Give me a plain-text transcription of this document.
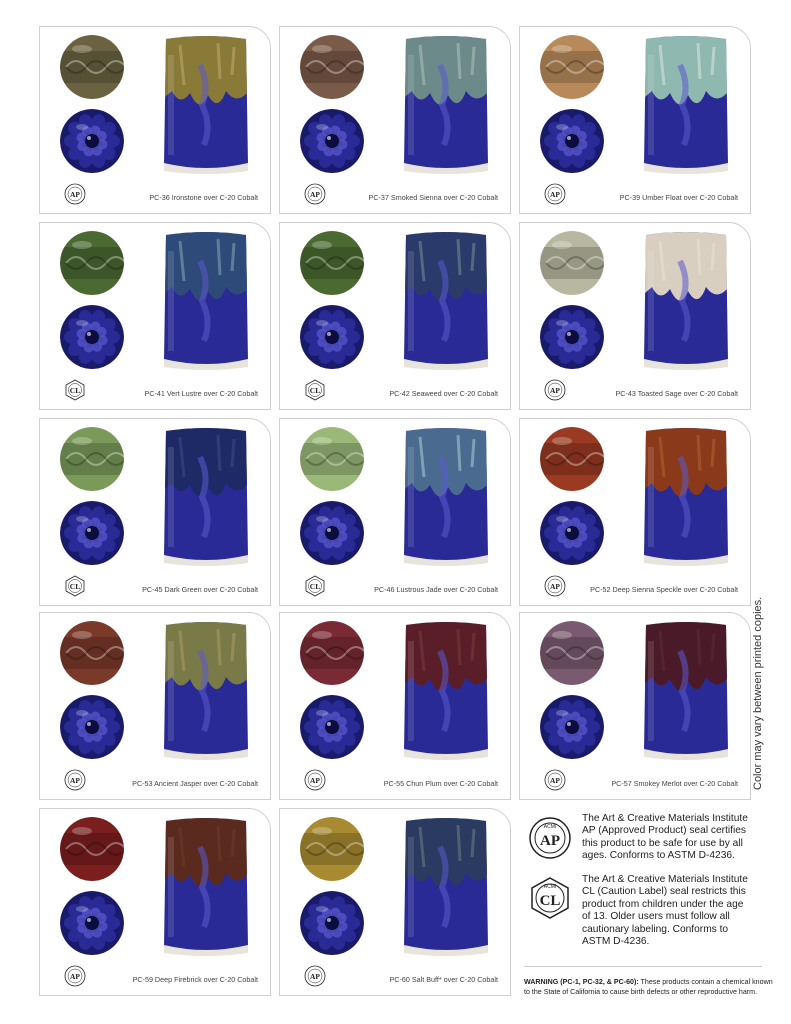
AP	PC-36 Ironstone over C-20 Cobalt	AP	PC-37 Smoked Sienna over C-20 Cobalt	AP	PC-39 Umber Float over C-20 Cobalt
CL	PC-41 Vert Lustre over C-20 Cobalt	CL	PC-42 Seaweed over C-20 Cobalt	AP	PC-43 Toasted Sage over C-20 Cobalt
CL	PC-45 Dark Green over C-20 Cobalt	CL	PC-46 Lustrous Jade over C-20 Cobalt	AP	PC-52 Deep Sienna Speckle over C-20 Cobalt
AP	PC-53 Ancient Jasper over C-20 Cobalt	AP	PC-55 Chun Plum over C-20 Cobalt	AP	PC-57 Smokey Merlot over C-20 Cobalt
AP	PC-59 Deep Firebrick over C-20 Cobalt	AP	PC-60 Salt Buff* over C-20 Cobalt
ACMI
AP
The Art & Creative Materials Institute AP (Approved Product) seal certifies this product to be safe for use by all ages. Conforms to ASTM D-4236.
ACMI
CL
The Art & Creative Materials Institute CL (Caution Label) seal restricts this product from children under the age of 13. Older users must follow all cautionary labeling. Conforms to ASTM D-4236.
WARNING (PC-1, PC-32, & PC-60): These products contain a chemical known to the State of California to cause birth defects or other reproductive harm.
Color may vary between printed copies.
